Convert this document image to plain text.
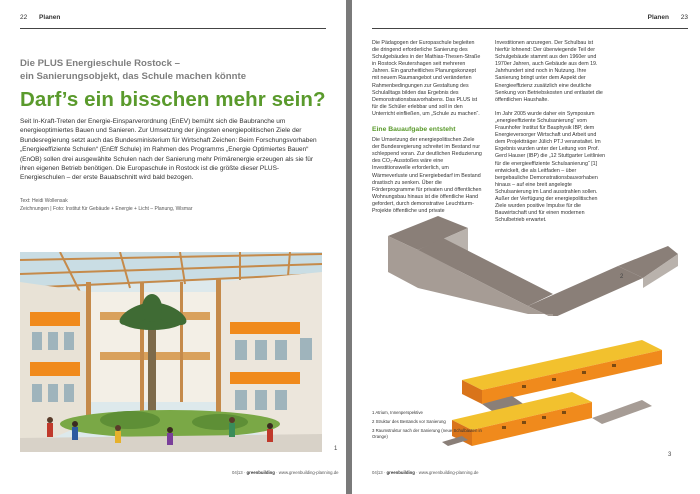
22 Planen
Die PLUS Energieschule Rostock –
ein Sanierungsobjekt, das Schule machen könnte
Darf’s ein bisschen mehr sein?

Seit In-Kraft-Treten der Energie-Einsparverordnung (EnEV) bemüht sich die Baubranche um energieoptimiertes Bauen und Sanieren. Zur Umsetzung der jüngsten energiepolitischen Ziele der Bundesregierung setzt auch das Bundesministerium für Wirtschaft Zeichen: Beim Forschungsvorhaben „Energieeffiziente Schulen“ (EnEff Schule) im Rahmen des Programms „Energie Optimiertes Bauen“ (EnOB) sollen drei ausgewählte Schulen nach der Sanierung mehr Primärenergie erzeugen als sie für ihren eigenen Betrieb benötigen. Die Europaschule in Rostock ist die größte dieser PLUS-Energieschulen – der erste Bauabschnitt wird bald bezogen.

Text: Heidi Wollensak

Zeichnungen | Foto: Institut für Gebäude + Energie + Licht – Planung, Wismar

1
04|13 · greenbuilding · www.greenbuilding-planning.de
Planen 23

Die Pädagogen der Europaschule begleiten die dringend erforderliche Sanierung des Schulgebäudes in der Mathias-Thesen-Straße in Rostock Reutershagen seit mehreren Jahren. Ein ganzheitliches Planungskonzept mit neuem Raumangebot und veränderten Rahmenbedingungen zur Gestaltung des Schulalltags bilden das Ergebnis des Demonstrationsbauvorhabens. Das PLUS ist für die Schüler erlebbar und soll in den Unterricht einfließen, um „Schule zu machen“.

Eine Bauaufgabe entsteht

Die Umsetzung der energiepolitischen Ziele der Bundesregierung schreitet im Bestand nur schleppend voran. Zur deutlichen Reduzierung des CO₂-Ausstoßes wäre eine Investitionswelle erforderlich, um Wärmeverluste und Energiebedarf im Bestand drastisch zu senken. Über die Förderprogramme für privaten und öffentlichen Wohnungsbau hinaus ist die öffentliche Hand gefordert, durch demonstrative Leuchtturm-Projekte öffentliche und private

Investitionen anzuregen. Der Schulbau ist hierfür lohnend: Der überwiegende Teil der Schulgebäude stammt aus den 1960er und 1970er Jahren, auch Gebäude aus dem 19. Jahrhundert sind noch in Nutzung. Ihre Sanierung bringt unter dem Aspekt der Energieeffizienz zusätzlich eine deutliche Senkung von Betriebskosten und entlastet die öffentlichen Haushalte.

Im Jahr 2005 wurde daher ein Symposium „energieeffiziente Schulsanierung“ vom Fraunhofer Institut für Bauphysik IBP, dem Energieversorger Wirtschaft und Arbeit und dem Projektträger Jülich PTJ veranstaltet. Im Ergebnis wurden unter der Leitung von Prof. Gerd Hauser (IBP) die „12 Stuttgarter Leitlinien für die energieeffiziente Schulsanierung“ [1] entwickelt, die als Leitfaden – über bergebauliche Demonstrationsbauvorhaben hinaus – auf eine breit angelegte Schulsanierung im Land ausstrahlen sollen. Außer der Verfügung der energiepolitischen Ziele wurden positive Impulse für die Bauwirtschaft und für einen modernen Schulbetrieb erwartet.

2
3
1 Atrium, Innenperspektive
2 Struktur des Bestands vor Sanierung
3 Raumstruktur nach der Sanierung (neue Schulbauten in Orange)
04|13 · greenbuilding · www.greenbuilding-planning.de
